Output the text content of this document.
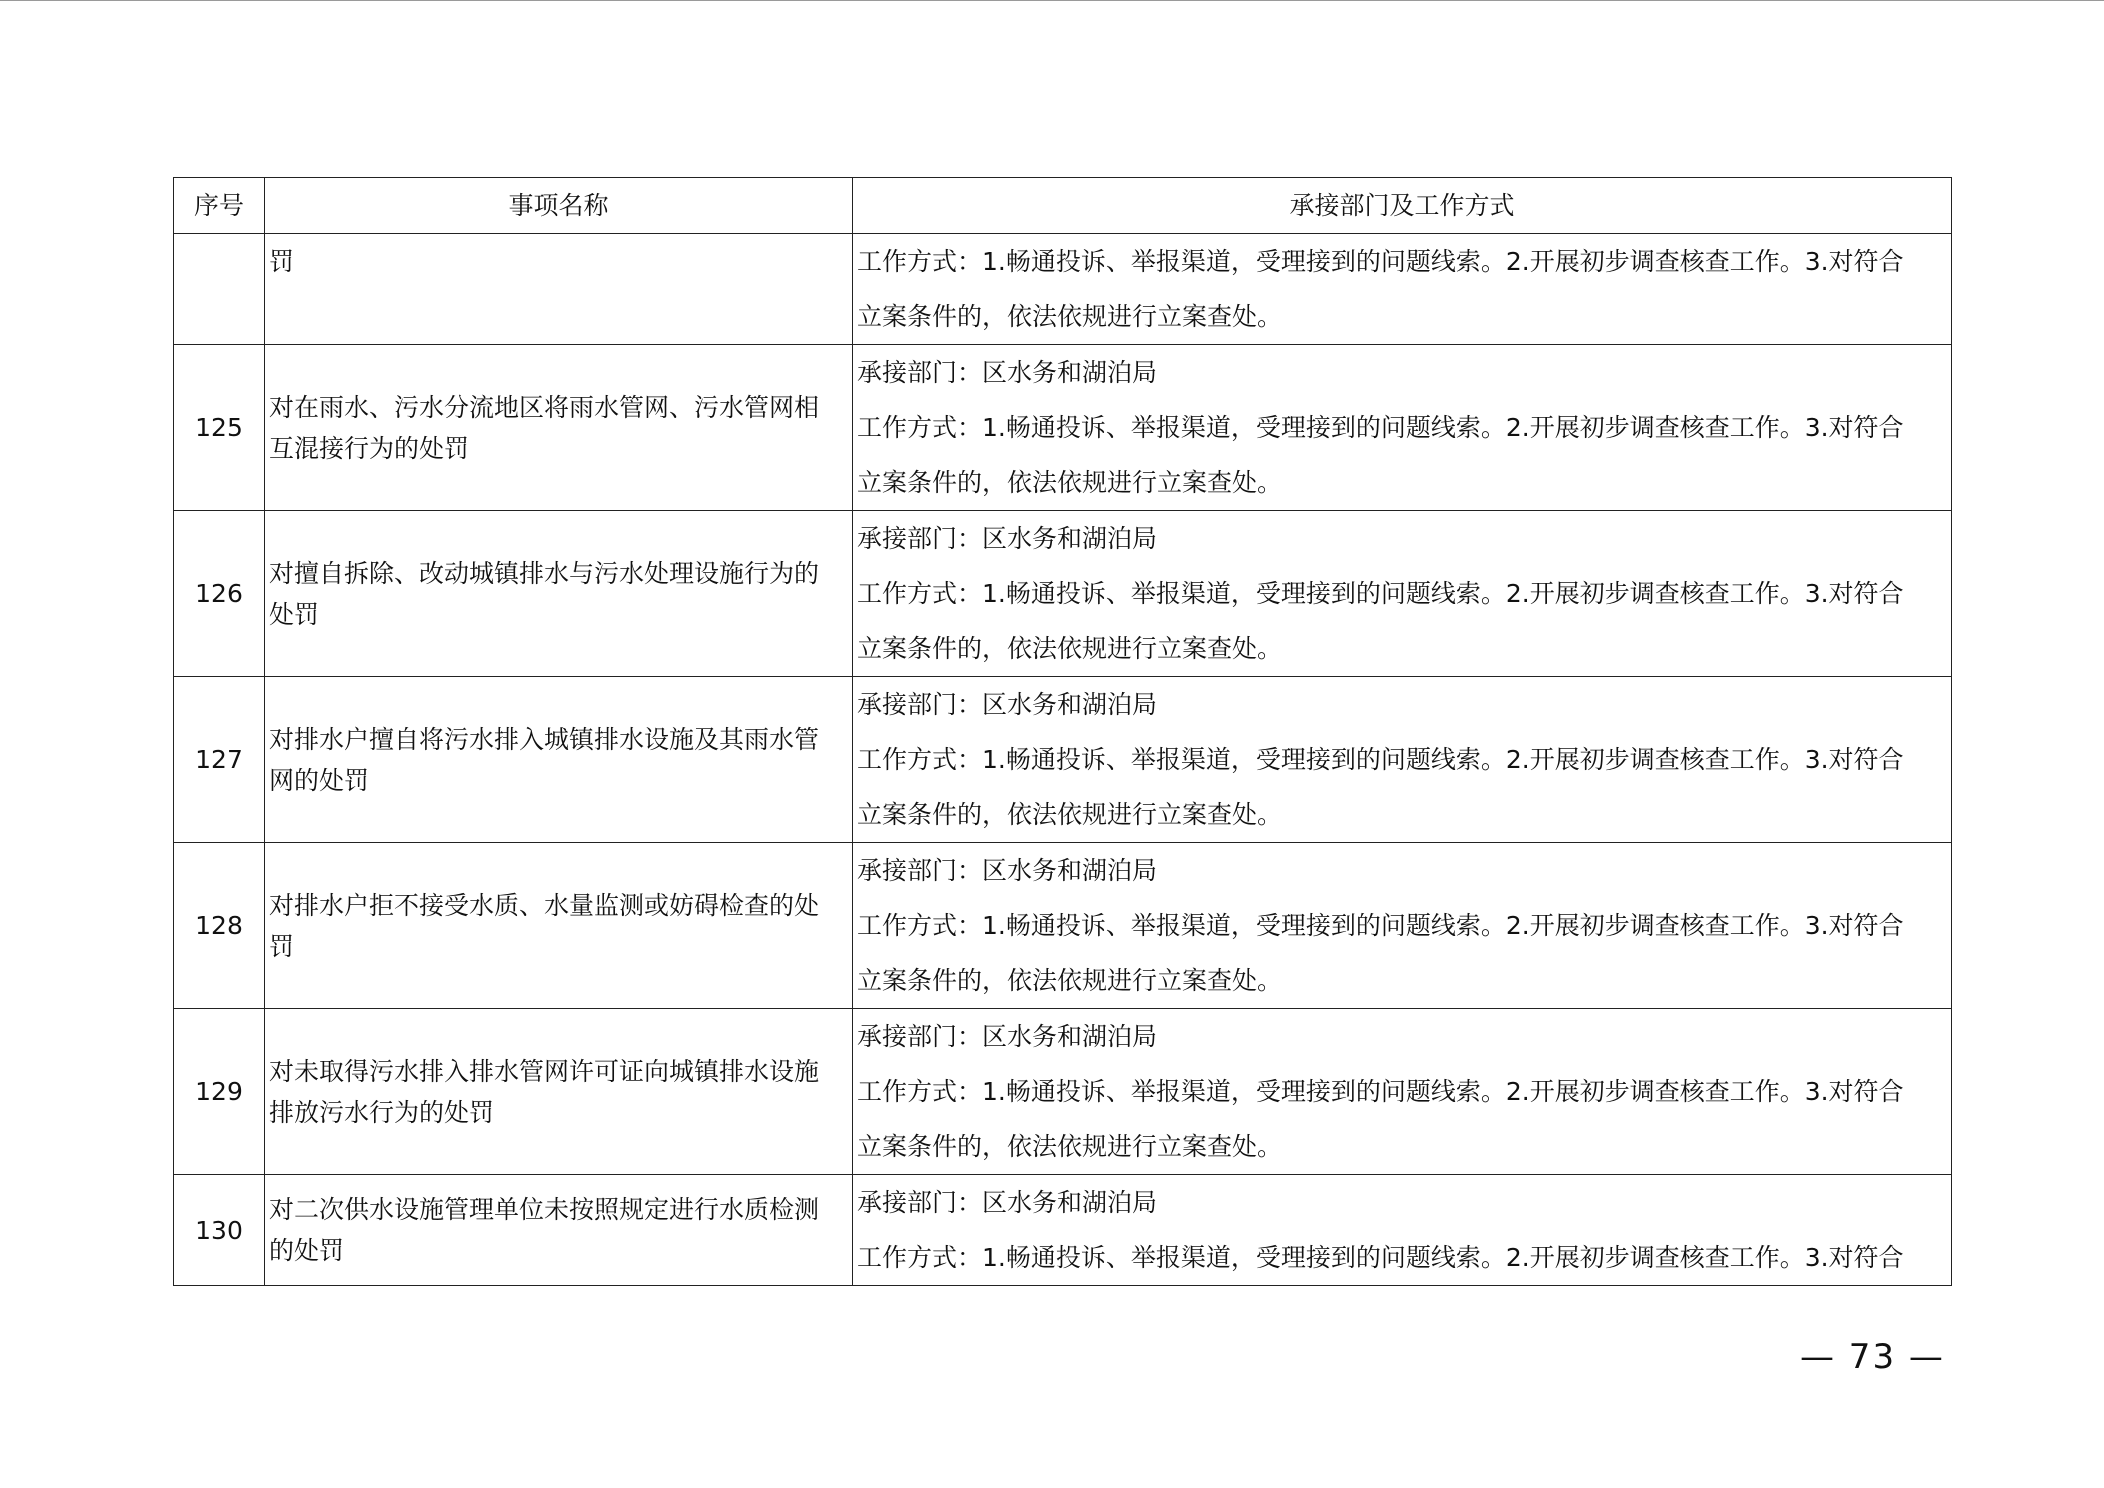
序号	事项名称	承接部门及工作方式

	罚	工作方式：1.畅通投诉、举报渠道，受理接到的问题线索。2.开展初步调查核查工作。3.对符合
立案条件的，依法依规进行立案查处。

125	对在雨水、污水分流地区将雨水管网、污水管网相
互混接行为的处罚	承接部门：区水务和湖泊局
工作方式：1.畅通投诉、举报渠道，受理接到的问题线索。2.开展初步调查核查工作。3.对符合
立案条件的，依法依规进行立案查处。

126	对擅自拆除、改动城镇排水与污水处理设施行为的
处罚	承接部门：区水务和湖泊局
工作方式：1.畅通投诉、举报渠道，受理接到的问题线索。2.开展初步调查核查工作。3.对符合
立案条件的，依法依规进行立案查处。

127	对排水户擅自将污水排入城镇排水设施及其雨水管
网的处罚	承接部门：区水务和湖泊局
工作方式：1.畅通投诉、举报渠道，受理接到的问题线索。2.开展初步调查核查工作。3.对符合
立案条件的，依法依规进行立案查处。

128	对排水户拒不接受水质、水量监测或妨碍检查的处
罚	承接部门：区水务和湖泊局
工作方式：1.畅通投诉、举报渠道，受理接到的问题线索。2.开展初步调查核查工作。3.对符合
立案条件的，依法依规进行立案查处。

129	对未取得污水排入排水管网许可证向城镇排水设施
排放污水行为的处罚	承接部门：区水务和湖泊局
工作方式：1.畅通投诉、举报渠道，受理接到的问题线索。2.开展初步调查核查工作。3.对符合
立案条件的，依法依规进行立案查处。

130	对二次供水设施管理单位未按照规定进行水质检测
的处罚	承接部门：区水务和湖泊局
工作方式：1.畅通投诉、举报渠道，受理接到的问题线索。2.开展初步调查核查工作。3.对符合
— 73 —
